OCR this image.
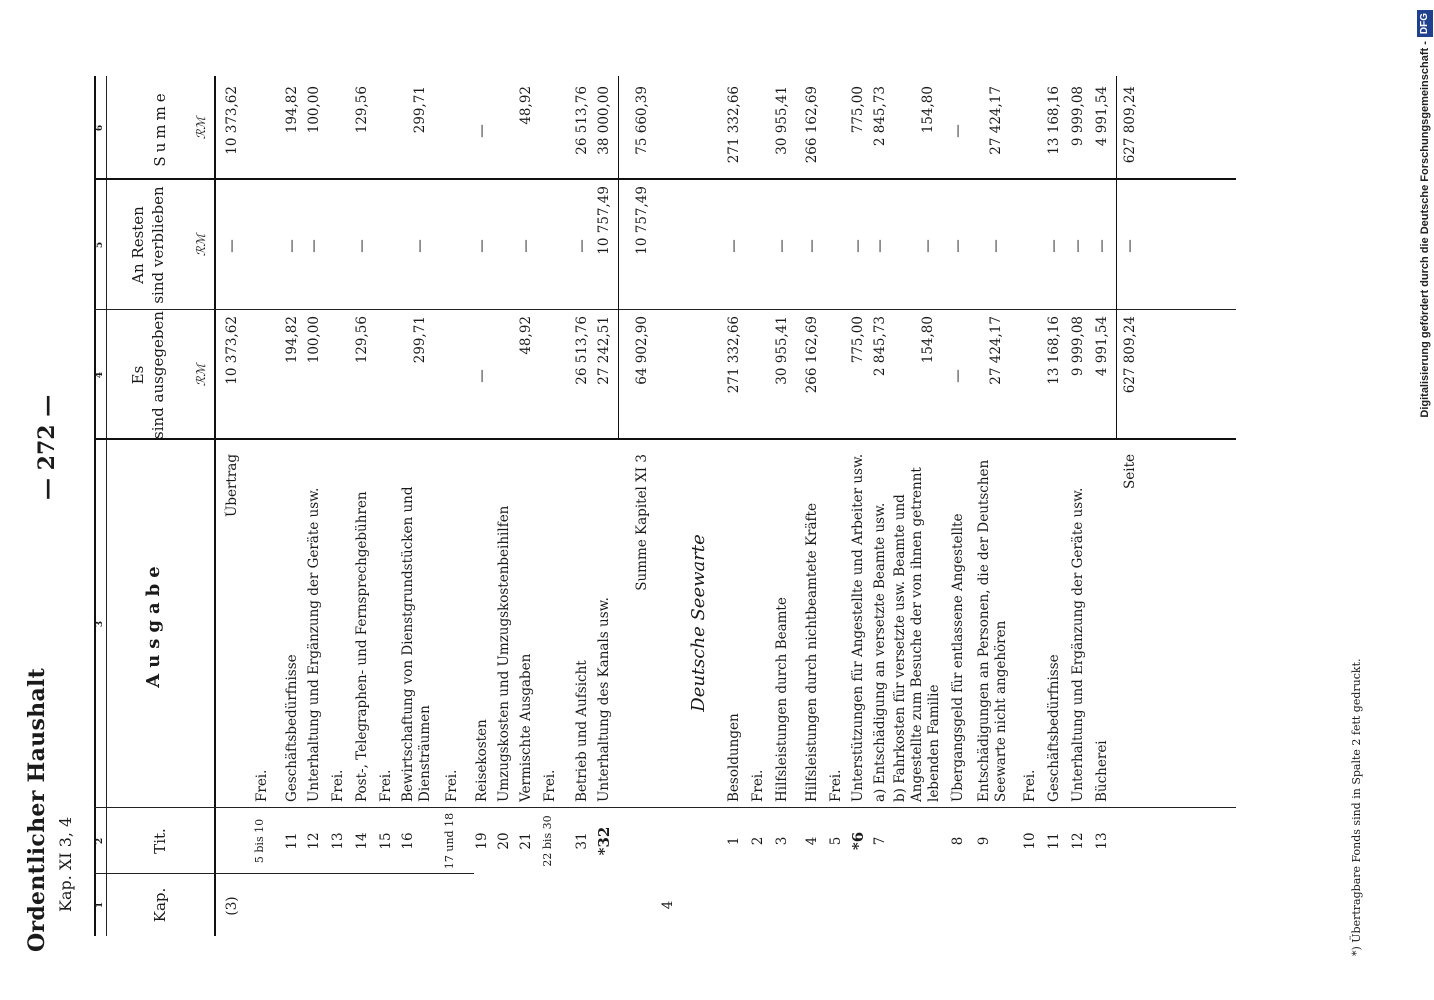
Ordentlicher Haushalt Kap. XI 3, 4
— 272 —
1
2
3
4
5
6
Kap.
Tit.
Ausgabe
Es sind ausgegeben ℛℳ
An Resten sind verblieben ℛℳ
Summe ℛℳ
(3)
Übertrag
10 373,62
—
10 373,62
5 bis 10
Frei.
11
Geschäftsbedürfnisse
194,82
—
194,82
12
Unterhaltung und Ergänzung der Geräte usw.
100,00
—
100,00
13
Frei.
14
Post-, Telegraphen- und Fernsprechgebühren
129,56
—
129,56
15
Frei.
16
Bewirtschaftung von Dienstgrundstücken und Diensträumen
299,71
—
299,71
17 und 18
Frei.
19
Reisekosten
—
—
—
20
Umzugskosten und Umzugskostenbeihilfen
21
Vermischte Ausgaben
48,92
—
48,92
22 bis 30
Frei.
31
Betrieb und Aufsicht
26 513,76
—
26 513,76
*32
Unterhaltung des Kanals usw.
27 242,51
10 757,49
38 000,00
Summe Kapitel XI 3
64 902,90
10 757,49
75 660,39
4
Deutsche Seewarte
1
Besoldungen
271 332,66
—
271 332,66
2
Frei.
3
Hilfsleistungen durch Beamte
30 955,41
—
30 955,41
4
Hilfsleistungen durch nichtbeamtete Kräfte
266 162,69
—
266 162,69
5
Frei.
*6
Unterstützungen für Angestellte und Arbeiter usw.
775,00
—
775,00
7
a) Entschädigung an versetzte Beamte usw.
2 845,73
—
2 845,73
b) Fahrkosten für versetzte usw. Beamte und Angestellte zum Besuche der von ihnen getrennt lebenden Familie
154,80
—
154,80
8
Übergangsgeld für entlassene Angestellte
—
—
—
9
Entschädigungen an Personen, die der Deutschen Seewarte nicht angehören
27 424,17
—
27 424,17
10
Frei.
11
Geschäftsbedürfnisse
13 168,16
—
13 168,16
12
Unterhaltung und Ergänzung der Geräte usw.
9 999,08
—
9 999,08
13
Bücherei
4 991,54
—
4 991,54
Seite
627 809,24
—
627 809,24
*) Übertragbare Fonds sind in Spalte 2 fett gedruckt.
Digitalisierung gefördert durch die Deutsche Forschungsgemeinschaft -DFG
